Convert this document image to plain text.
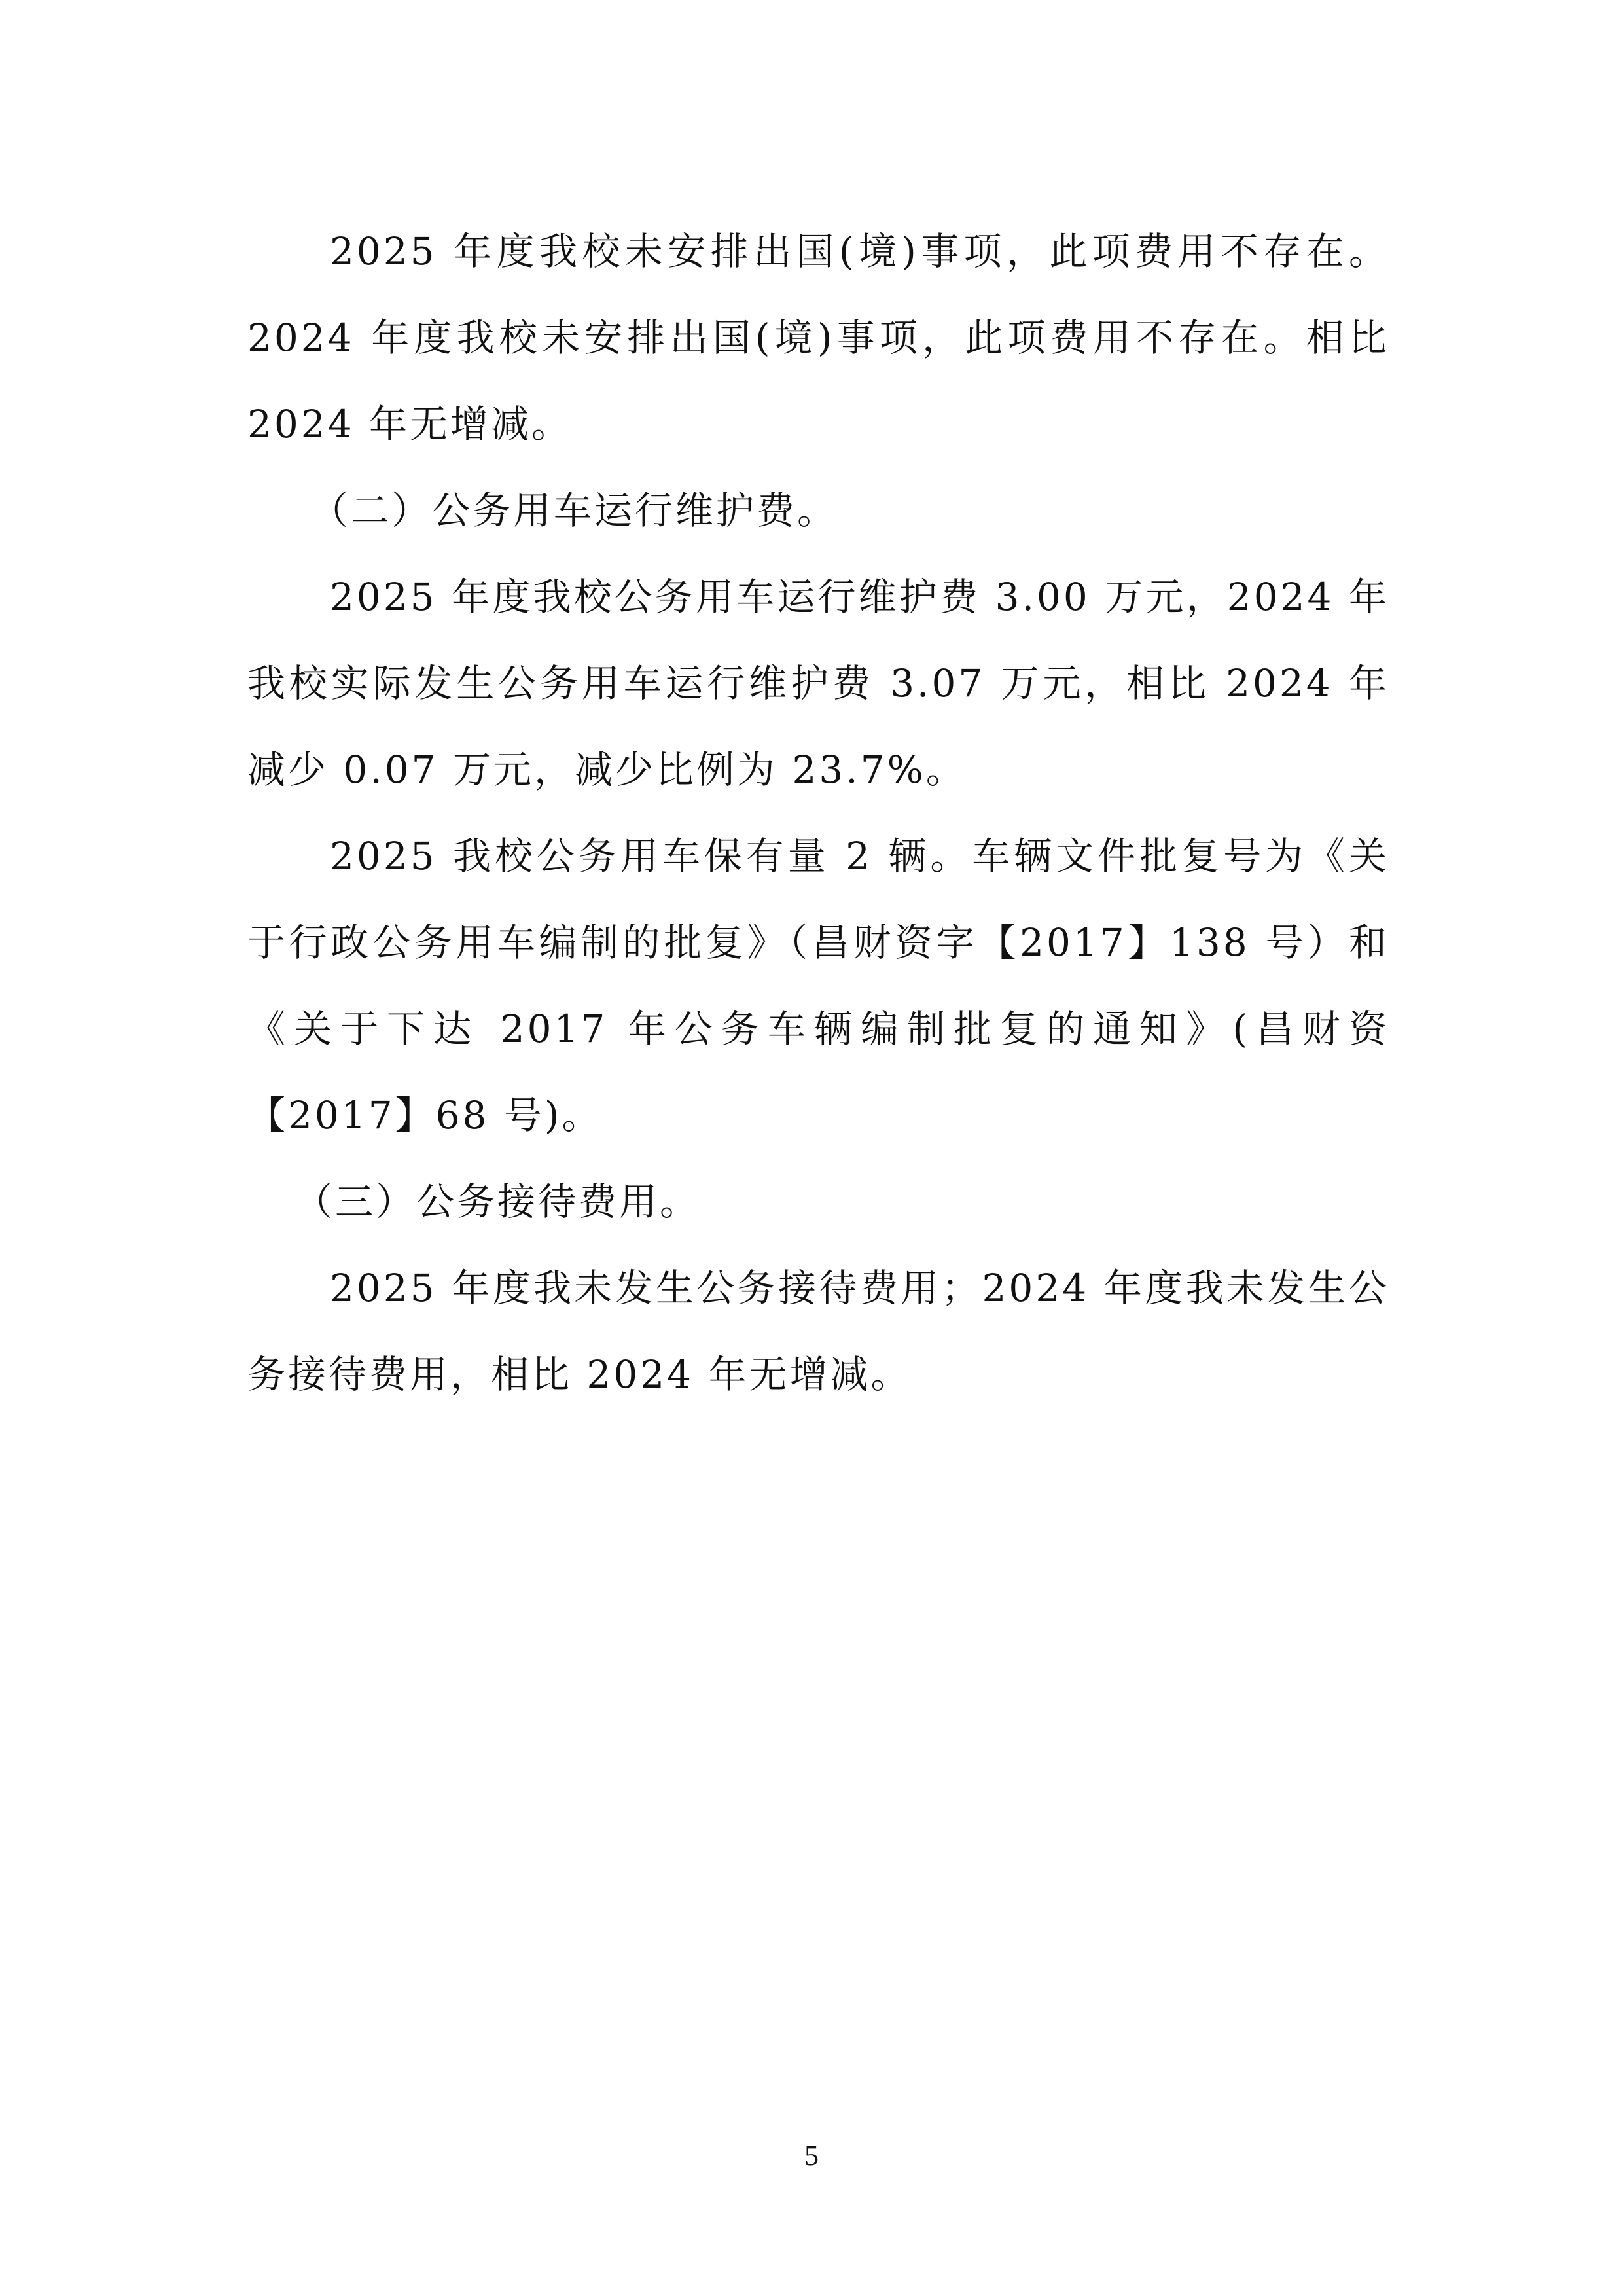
2025 年度我校未安排出国(境)事项，此项费用不存在。2024 年度我校未安排出国(境)事项，此项费用不存在。相比 2024 年无增减。

（二）公务用车运行维护费。

2025 年度我校公务用车运行维护费 3.00 万元，2024 年我校实际发生公务用车运行维护费 3.07 万元，相比 2024 年减少 0.07 万元，减少比例为 23.7%。

2025 我校公务用车保有量 2 辆。车辆文件批复号为《关于行政公务用车编制的批复》（昌财资字【2017】138 号）和《关于下达 2017 年公务车辆编制批复的通知》(昌财资【2017】68 号)。

（三）公务接待费用。

2025 年度我未发生公务接待费用；2024 年度我未发生公务接待费用，相比 2024 年无增减。

5
